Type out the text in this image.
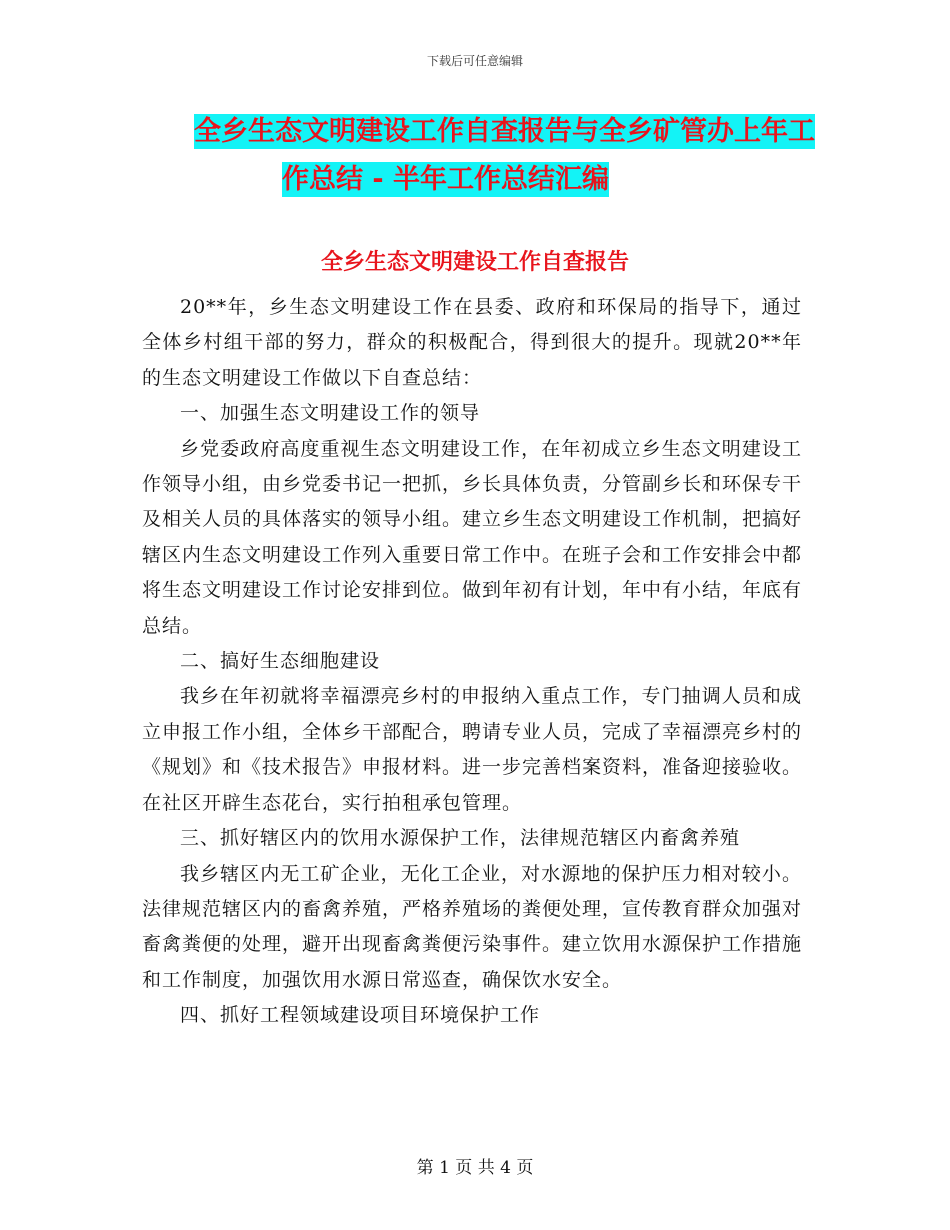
下载后可任意编辑
全乡生态文明建设工作自查报告与全乡矿管办上年工
作总结 - 半年工作总结汇编
全乡生态文明建设工作自查报告

20**年，乡生态文明建设工作在县委、政府和环保局的指导下，通过全体乡村组干部的努力，群众的积极配合，得到很大的提升。现就20**年的生态文明建设工作做以下自查总结：

一、加强生态文明建设工作的领导

乡党委政府高度重视生态文明建设工作，在年初成立乡生态文明建设工作领导小组，由乡党委书记一把抓，乡长具体负责，分管副乡长和环保专干及相关人员的具体落实的领导小组。建立乡生态文明建设工作机制，把搞好辖区内生态文明建设工作列入重要日常工作中。在班子会和工作安排会中都将生态文明建设工作讨论安排到位。做到年初有计划，年中有小结，年底有总结。

二、搞好生态细胞建设

我乡在年初就将幸福漂亮乡村的申报纳入重点工作，专门抽调人员和成立申报工作小组，全体乡干部配合，聘请专业人员，完成了幸福漂亮乡村的《规划》和《技术报告》申报材料。进一步完善档案资料，准备迎接验收。在社区开辟生态花台，实行拍租承包管理。

三、抓好辖区内的饮用水源保护工作，法律规范辖区内畜禽养殖

我乡辖区内无工矿企业，无化工企业，对水源地的保护压力相对较小。法律规范辖区内的畜禽养殖，严格养殖场的粪便处理，宣传教育群众加强对畜禽粪便的处理，避开出现畜禽粪便污染事件。建立饮用水源保护工作措施和工作制度，加强饮用水源日常巡查，确保饮水安全。

四、抓好工程领域建设项目环境保护工作

第 1 页 共 4 页
